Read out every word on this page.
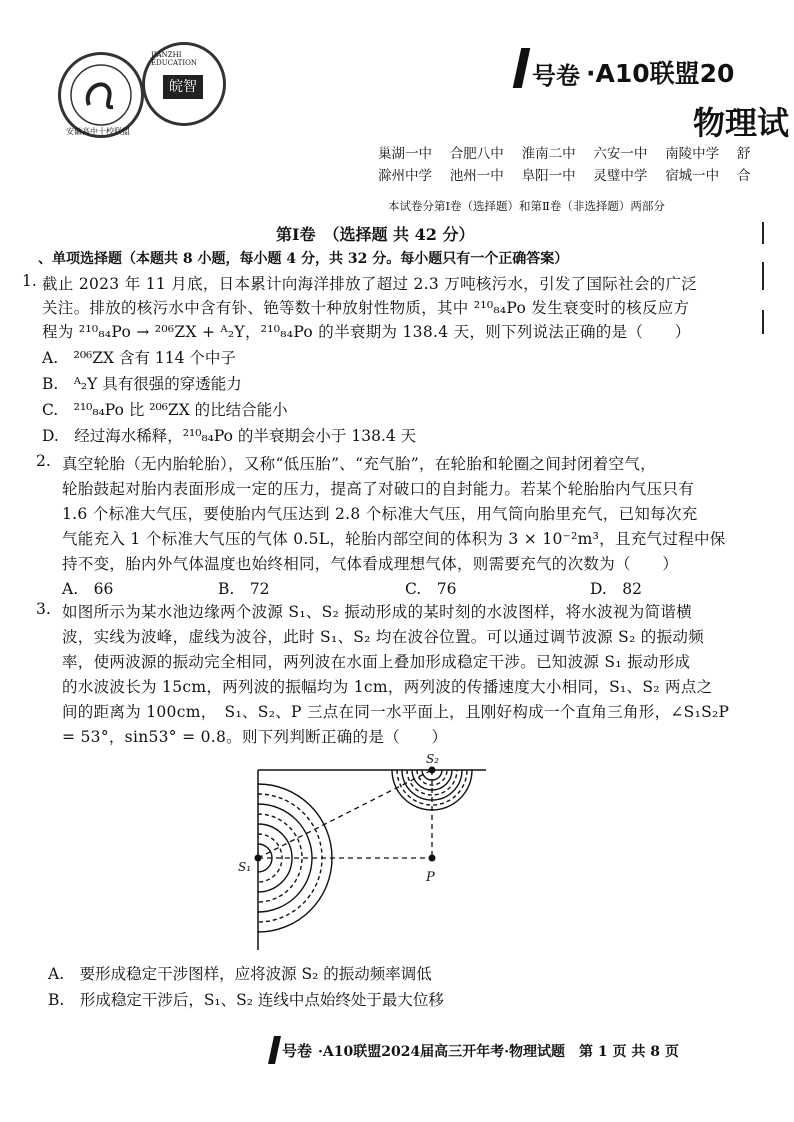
安徽高中十校联盟
JIANZHI EDUCATION
皖智	号卷 ·A10联盟20
物理试
巢湖一中　 合肥八中　 淮南二中　 六安一中　 南陵中学　 舒
滁州中学　 池州一中　 阜阳一中　 灵璧中学　 宿城一中　 合
本试卷分第Ⅰ卷（选择题）和第Ⅱ卷（非选择题）两部分
第Ⅰ卷　（选择题 共 42 分）
、单项选择题（本题共 8 小题，每小题 4 分，共 32 分。每小题只有一个正确答案）
1. 截止 2023 年 11 月底，日本累计向海洋排放了超过 2.3 万吨核污水，引发了国际社会的广泛
关注。排放的核污水中含有钋、铯等数十种放射性物质，其中 ²¹⁰₈₄Po 发生衰变时的核反应方
程为 ²¹⁰₈₄Po → ²⁰⁶ZX + ᴬ₂Y，²¹⁰₈₄Po 的半衰期为 138.4 天，则下列说法正确的是（　　）
A.　²⁰⁶ZX 含有 114 个中子
B.　ᴬ₂Y 具有很强的穿透能力
C.　²¹⁰₈₄Po 比 ²⁰⁶ZX 的比结合能小
D.　经过海水稀释，²¹⁰₈₄Po 的半衰期会小于 138.4 天
2. 真空轮胎（无内胎轮胎），又称“低压胎”、“充气胎”，在轮胎和轮圈之间封闭着空气，
轮胎鼓起对胎内表面形成一定的压力，提高了对破口的自封能力。若某个轮胎胎内气压只有
1.6 个标准大气压，要使胎内气压达到 2.8 个标准大气压，用气筒向胎里充气，已知每次充
气能充入 1 个标准大气压的气体 0.5L，轮胎内部空间的体积为 3 × 10⁻²m³，且充气过程中保
持不变，胎内外气体温度也始终相同，气体看成理想气体，则需要充气的次数为（　　）
A.　66	B.　72	C.　76	D.　82
3. 如图所示为某水池边缘两个波源 S₁、S₂ 振动形成的某时刻的水波图样，将水波视为简谐横
波，实线为波峰，虚线为波谷，此时 S₁、S₂ 均在波谷位置。可以通过调节波源 S₂ 的振动频
率，使两波源的振动完全相同，两列波在水面上叠加形成稳定干涉。已知波源 S₁ 振动形成
的水波波长为 15cm，两列波的振幅均为 1cm，两列波的传播速度大小相同，S₁、S₂ 两点之
间的距离为 100cm，　S₁、S₂、P 三点在同一水平面上，且刚好构成一个直角三角形，∠S₁S₂P
= 53°，sin53° = 0.8。则下列判断正确的是（　　）
S₁
S₂
P
A.　要形成稳定干涉图样，应将波源 S₂ 的振动频率调低
B.　形成稳定干涉后，S₁、S₂ 连线中点始终处于最大位移
号卷 ·A10联盟2024届高三开年考·物理试题　第 1 页 共 8 页
